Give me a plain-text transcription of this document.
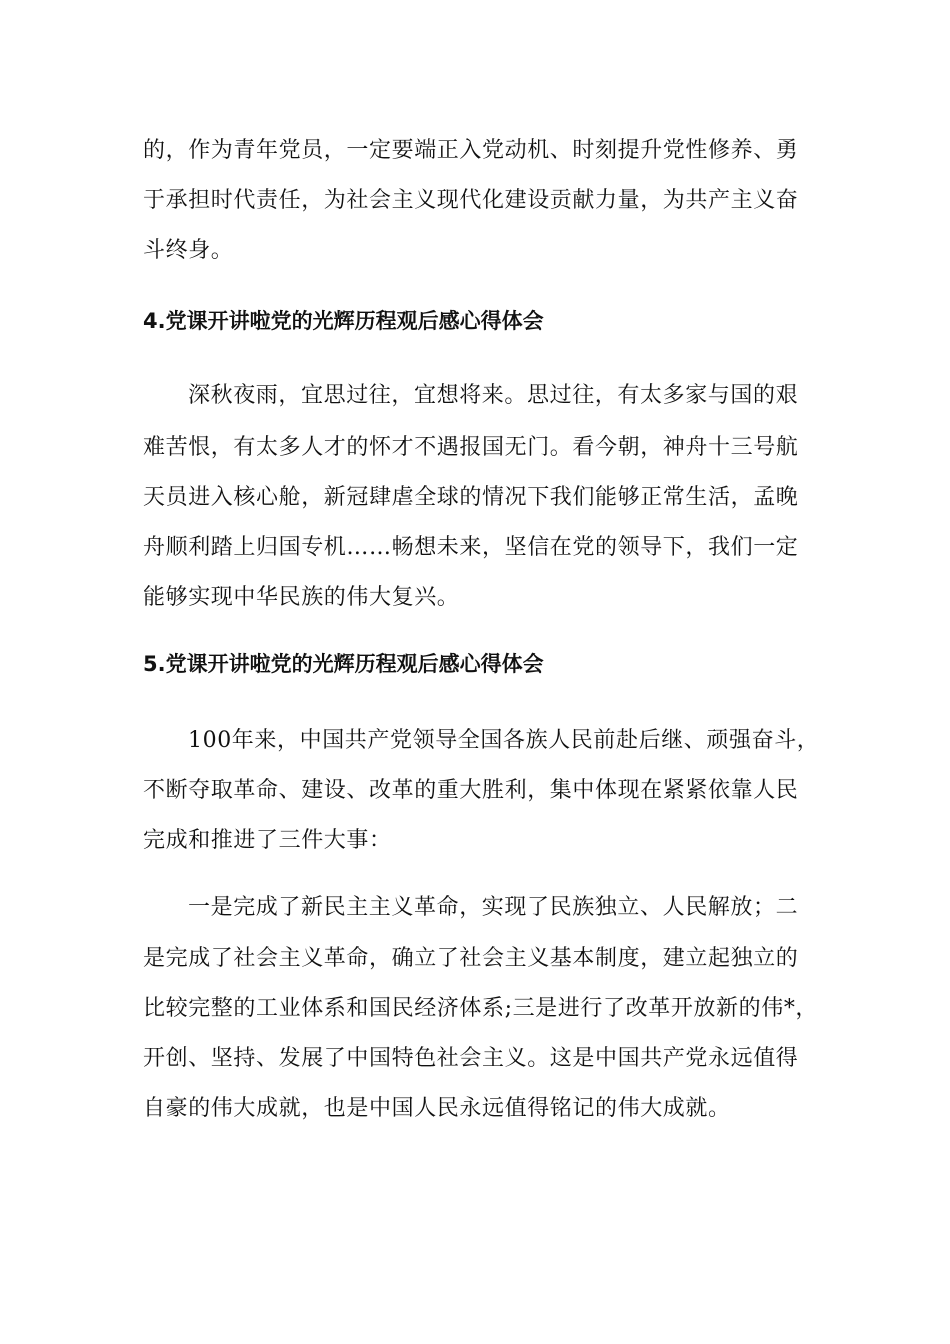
的，作为青年党员，一定要端正入党动机、时刻提升党性修养、勇
于承担时代责任，为社会主义现代化建设贡献力量，为共产主义奋
斗终身。
4.党课开讲啦党的光辉历程观后感心得体会
深秋夜雨，宜思过往，宜想将来。思过往，有太多家与国的艰
难苦恨，有太多人才的怀才不遇报国无门。看今朝，神舟十三号航
天员进入核心舱，新冠肆虐全球的情况下我们能够正常生活，孟晚
舟顺利踏上归国专机……畅想未来，坚信在党的领导下，我们一定
能够实现中华民族的伟大复兴。
5.党课开讲啦党的光辉历程观后感心得体会
100年来，中国共产党领导全国各族人民前赴后继、顽强奋斗，
不断夺取革命、建设、改革的重大胜利，集中体现在紧紧依靠人民
完成和推进了三件大事：
一是完成了新民主主义革命，实现了民族独立、人民解放；二
是完成了社会主义革命，确立了社会主义基本制度，建立起独立的
比较完整的工业体系和国民经济体系;三是进行了改革开放新的伟*，
开创、坚持、发展了中国特色社会主义。这是中国共产党永远值得
自豪的伟大成就，也是中国人民永远值得铭记的伟大成就。
